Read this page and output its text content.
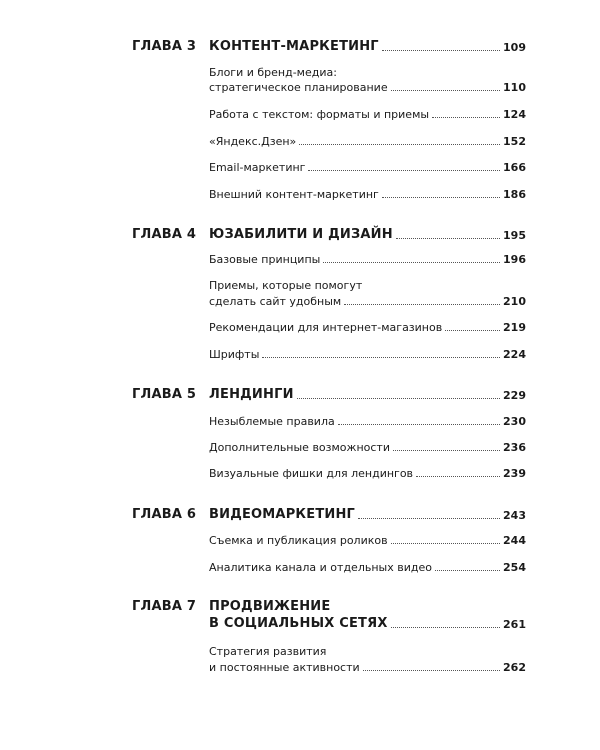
ГЛАВА 3 КОНТЕНТ-МАРКЕТИНГ	109
Блоги и бренд-медиа:
стратегическое планирование	110
Работа с текстом: форматы и приемы	124
«Яндекс.Дзен»	152
Email-маркетинг	166
Внешний контент-маркетинг	186
ГЛАВА 4 ЮЗАБИЛИТИ И ДИЗАЙН	195
Базовые принципы	196
Приемы, которые помогут
сделать сайт удобным	210
Рекомендации для интернет-магазинов	219
Шрифты	224
ГЛАВА 5 ЛЕНДИНГИ	229
Незыблемые правила	230
Дополнительные возможности	236
Визуальные фишки для лендингов	239
ГЛАВА 6 ВИДЕОМАРКЕТИНГ	243
Съемка и публикация роликов	244
Аналитика канала и отдельных видео	254
ГЛАВА 7 ПРОДВИЖЕНИЕ
В СОЦИАЛЬНЫХ СЕТЯХ	261
Стратегия развития
и постоянные активности	262
